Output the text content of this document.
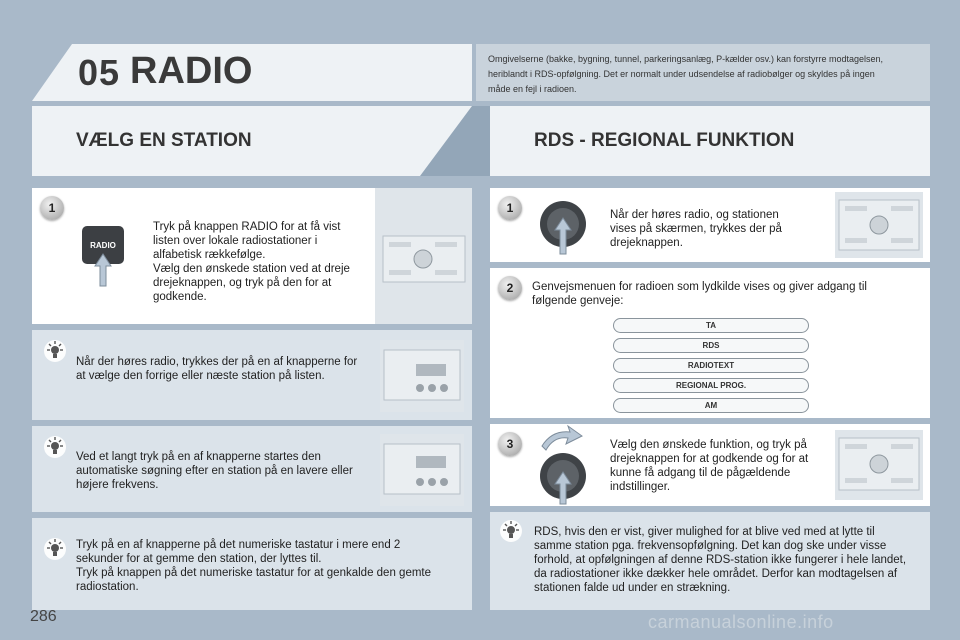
05 RADIO	Omgivelserne (bakke, bygning, tunnel, parkeringsanlæg, P-kælder osv.) kan forstyrre modtagelsen, heriblandt i RDS-opfølgning. Det er normalt under udsendelse af radiobølger og skyldes på ingen måde en fejl i radioen.
VÆLG EN STATION	RDS - REGIONAL FUNKTION
1
RADIO
Tryk på knappen RADIO for at få vist listen over lokale radiostationer i alfabetisk rækkefølge.
Vælg den ønskede station ved at dreje drejeknappen, og tryk på den for at godkende.
Når der høres radio, trykkes der på en af knapperne for at vælge den forrige eller næste station på listen.
Ved et langt tryk på en af knapperne startes den automatiske søgning efter en station på en lavere eller højere frekvens.
Tryk på en af knapperne på det numeriske tastatur i mere end 2 sekunder for at gemme den station, der lyttes til.
Tryk på knappen på det numeriske tastatur for at genkalde den gemte radiostation.
1	Når der høres radio, og stationen vises på skærmen, trykkes der på drejeknappen.
2	Genvejsmenuen for radioen som lydkilde vises og giver adgang til følgende genveje:
TA
RDS
RADIOTEXT
REGIONAL PROG.
AM
3	Vælg den ønskede funktion, og tryk på drejeknappen for at godkende og for at kunne få adgang til de pågældende indstillinger.
RDS, hvis den er vist, giver mulighed for at blive ved med at lytte til samme station pga. frekvensopfølgning. Det kan dog ske under visse forhold, at opfølgningen af denne RDS-station ikke fungerer i hele landet, da radiostationer ikke dækker hele området. Derfor kan modtagelsen af stationen falde ud under en strækning.
286	carmanualsonline.info
